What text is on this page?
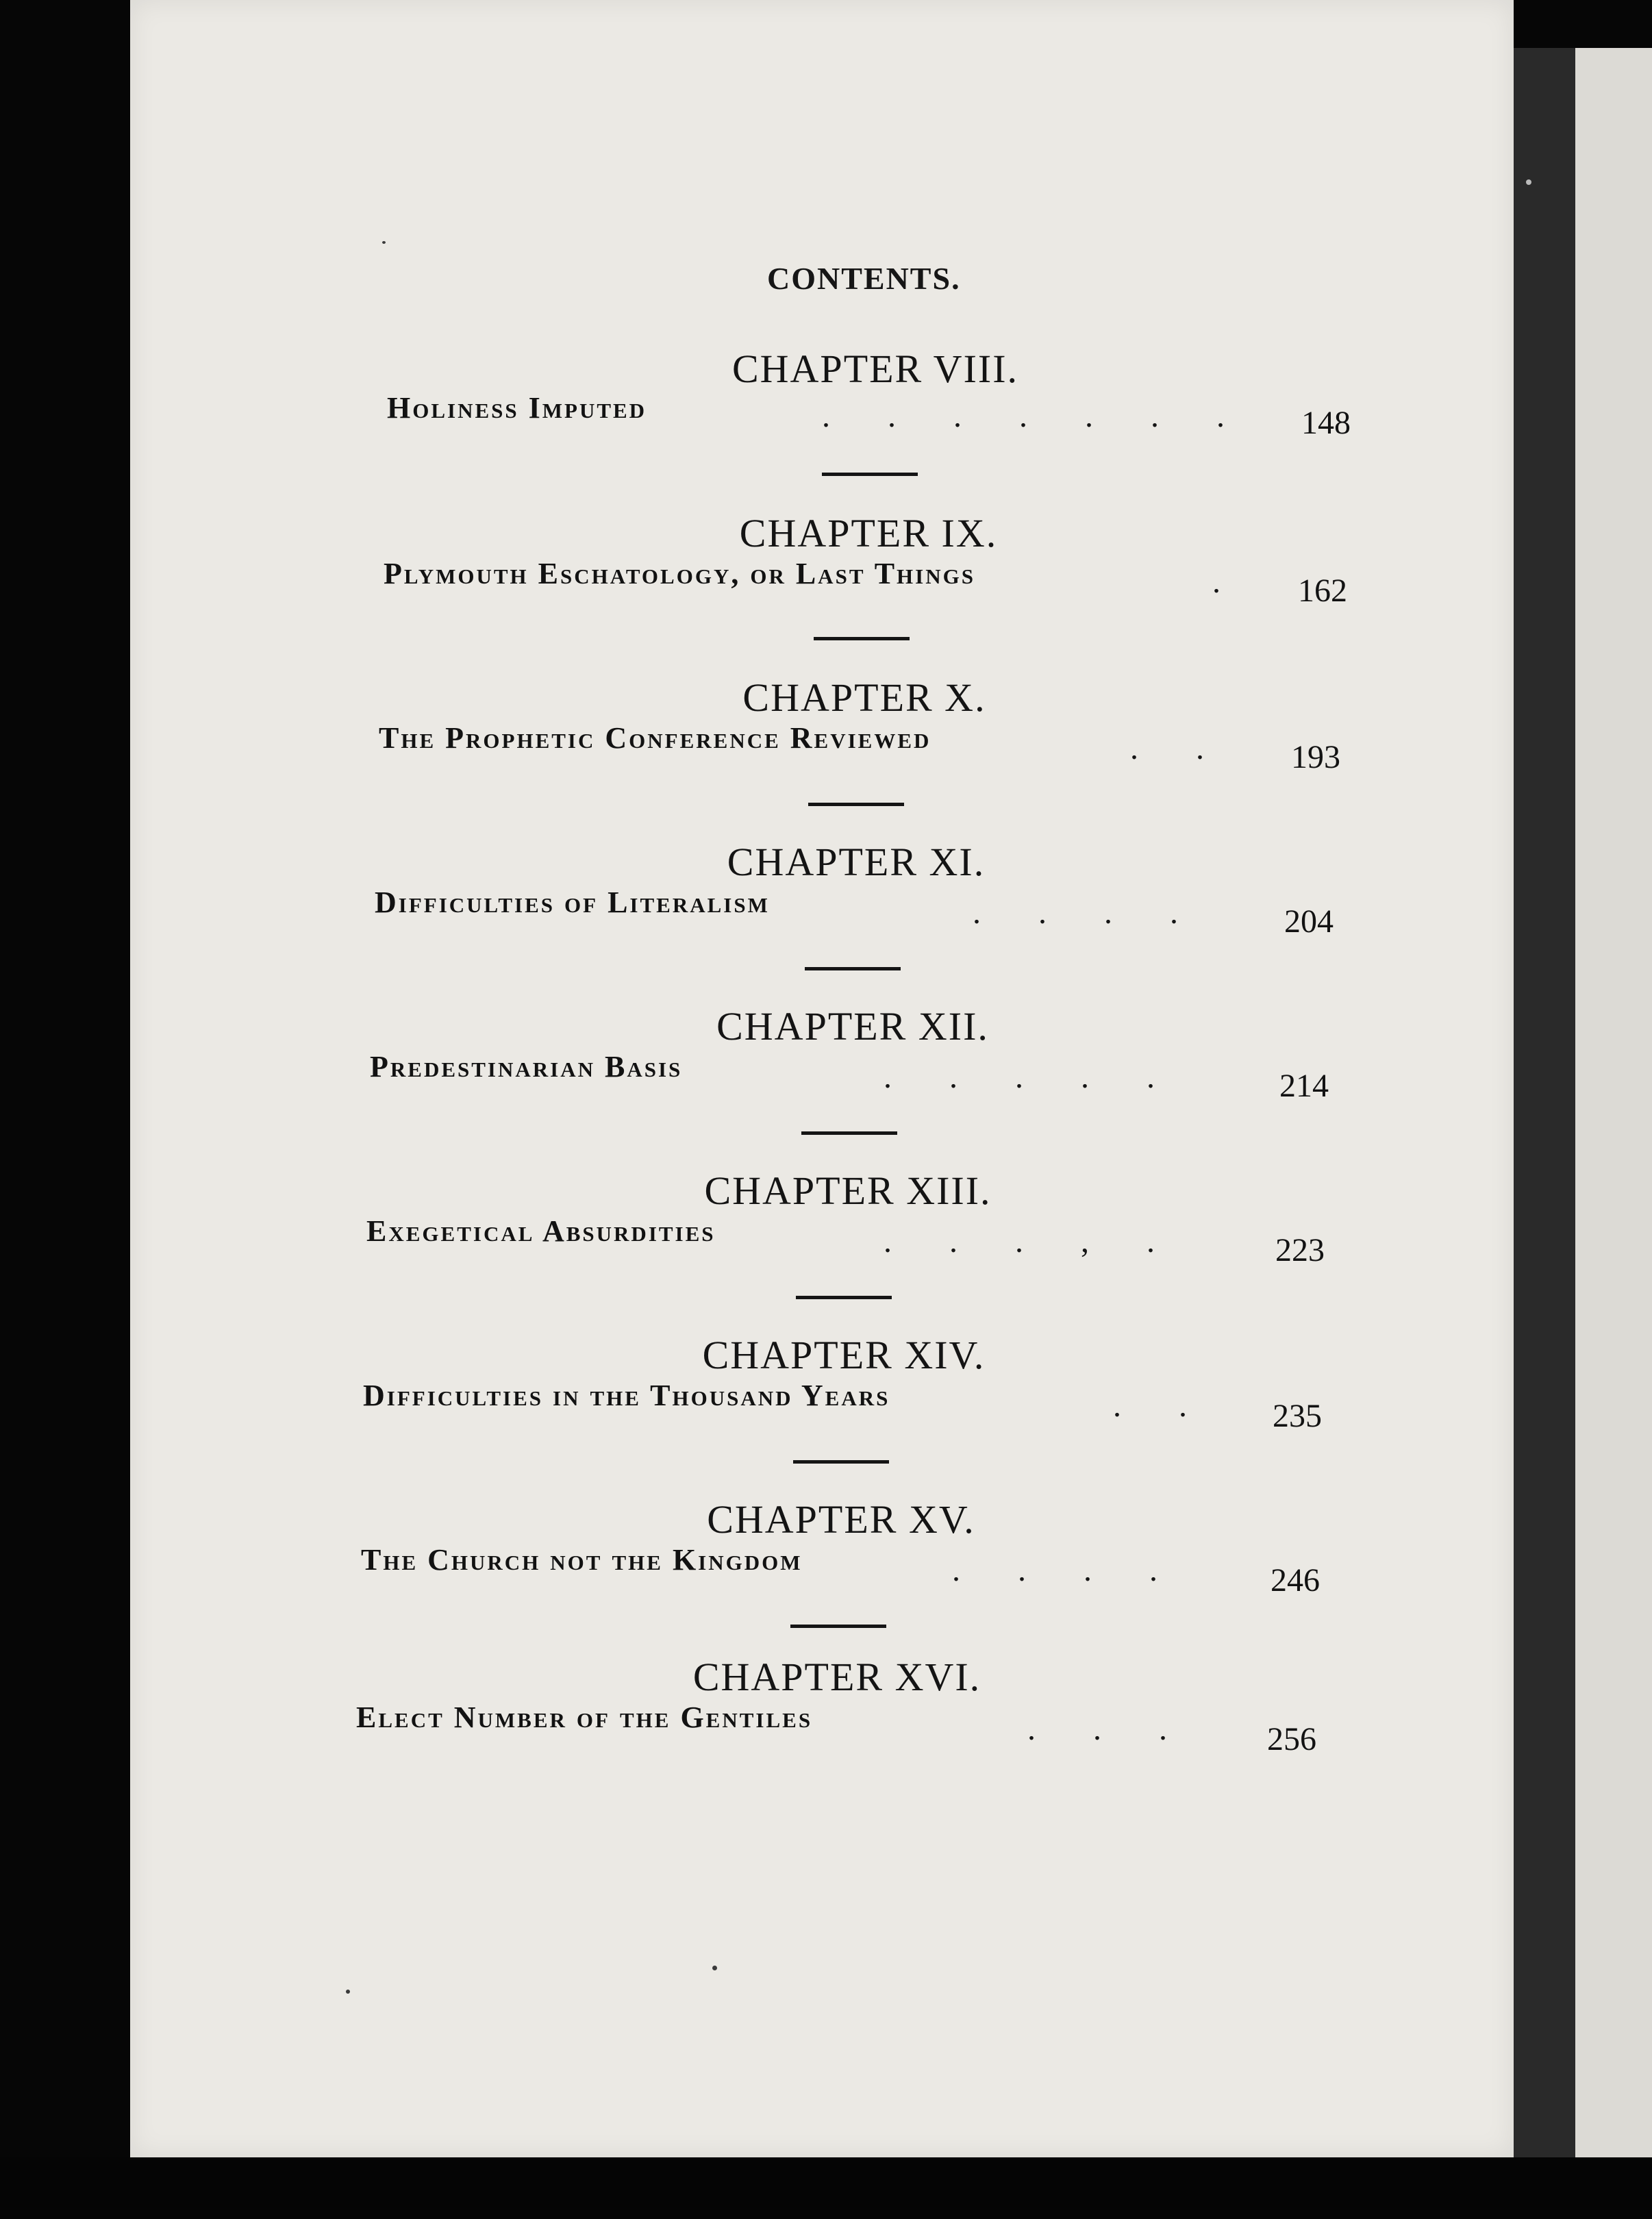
CONTENTS.
CHAPTER VIII.
Holiness Imputed	.       .       .       .       .       .       . 148
CHAPTER IX.
Plymouth Eschatology, or Last Things	. 162
CHAPTER X.
The Prophetic Conference Reviewed	.       .	193
CHAPTER XI.
Difficulties of Literalism	.       .       .       .	204
CHAPTER XII.
Predestinarian Basis	.       .       .       .       .	214
CHAPTER XIII.
Exegetical Absurdities	.       .       .       ,       .	223
CHAPTER XIV.
Difficulties in the Thousand Years	.       .	235
CHAPTER XV.
The Church not the Kingdom	.       .       .       .	246
CHAPTER XVI.
Elect Number of the Gentiles	.       .       .	256
